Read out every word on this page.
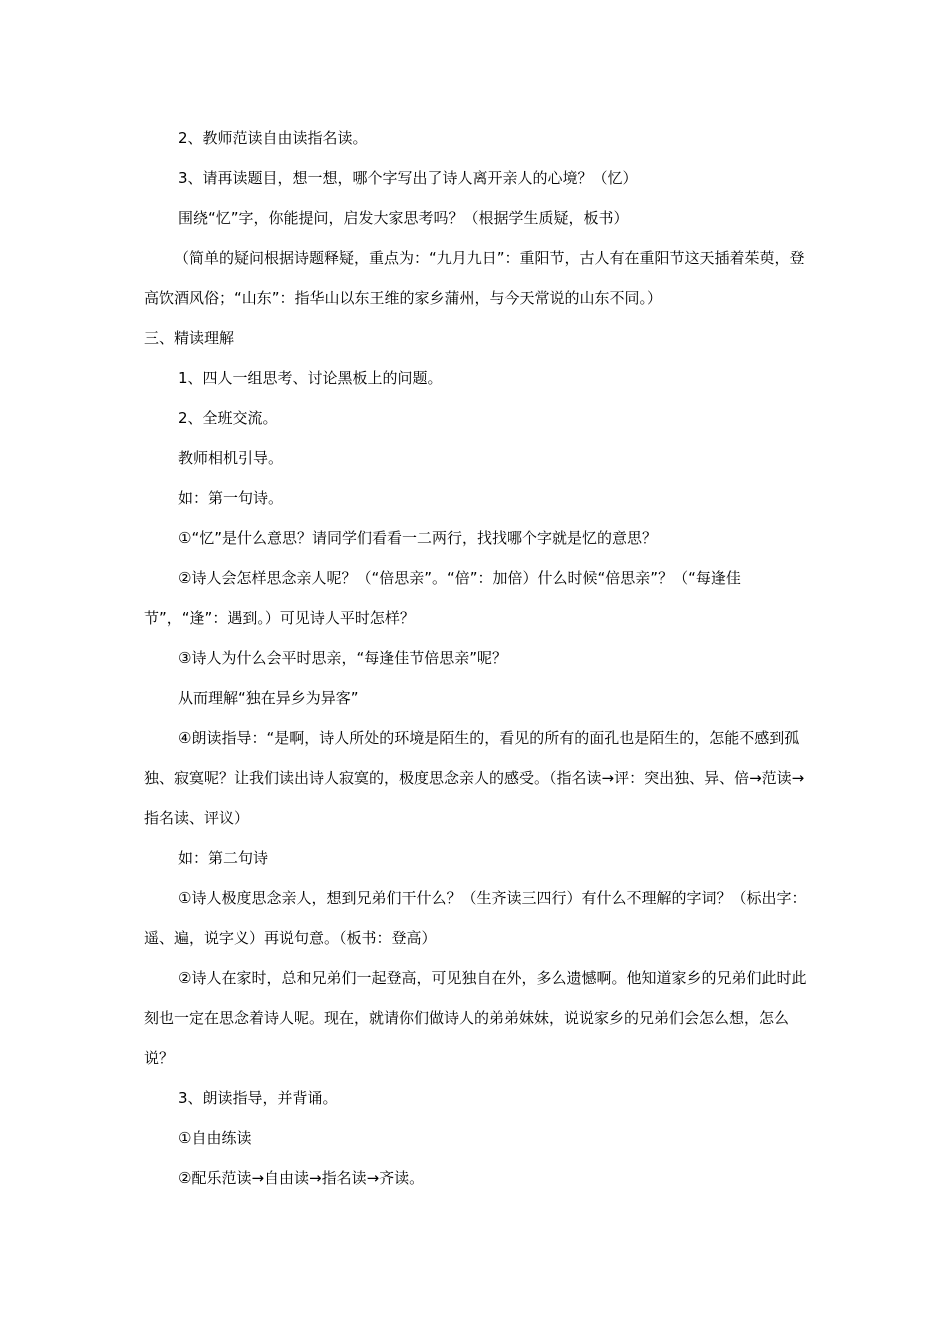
2、教师范读自由读指名读。

3、请再读题目，想一想，哪个字写出了诗人离开亲人的心境？（忆）

围绕“忆”字，你能提问，启发大家思考吗？（根据学生质疑，板书）

（简单的疑问根据诗题释疑，重点为：“九月九日”：重阳节，古人有在重阳节这天插着茱萸，登高饮酒风俗；“山东”：指华山以东王维的家乡蒲州，与今天常说的山东不同。）

三、精读理解

1、四人一组思考、讨论黑板上的问题。

2、全班交流。

教师相机引导。

如：第一句诗。

①“忆”是什么意思？请同学们看看一二两行，找找哪个字就是忆的意思？

②诗人会怎样思念亲人呢？（“倍思亲”。“倍”：加倍）什么时候“倍思亲”？（“每逢佳节”，“逢”：遇到。）可见诗人平时怎样？

③诗人为什么会平时思亲，“每逢佳节倍思亲”呢？

从而理解“独在异乡为异客”

④朗读指导：“是啊，诗人所处的环境是陌生的，看见的所有的面孔也是陌生的，怎能不感到孤独、寂寞呢？让我们读出诗人寂寞的，极度思念亲人的感受。（指名读→评：突出独、异、倍→范读→指名读、评议）

如：第二句诗

①诗人极度思念亲人，想到兄弟们干什么？（生齐读三四行）有什么不理解的字词？（标出字：遥、遍，说字义）再说句意。（板书：登高）

②诗人在家时，总和兄弟们一起登高，可见独自在外，多么遗憾啊。他知道家乡的兄弟们此时此刻也一定在思念着诗人呢。现在，就请你们做诗人的弟弟妹妹，说说家乡的兄弟们会怎么想，怎么说？

3、朗读指导，并背诵。

①自由练读

②配乐范读→自由读→指名读→齐读。
